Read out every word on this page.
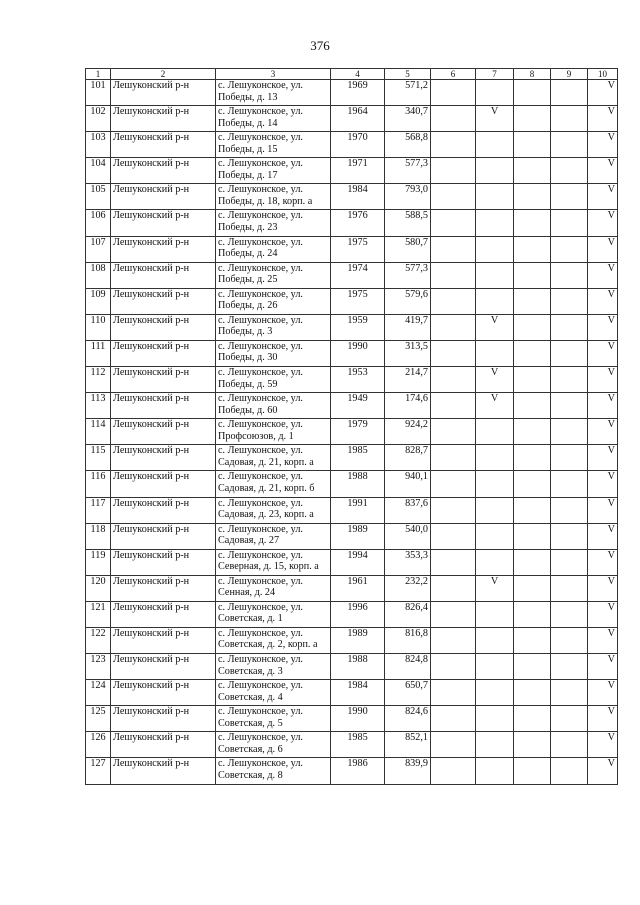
376
1	2	3	4	5	6	7	8	9	10
101	Лешуконский р-н	с. Лешуконское, ул.
Победы, д. 13	1969	571,2					V
102	Лешуконский р-н	с. Лешуконское, ул.
Победы, д. 14	1964	340,7		V			V
103	Лешуконский р-н	с. Лешуконское, ул.
Победы, д. 15	1970	568,8					V
104	Лешуконский р-н	с. Лешуконское, ул.
Победы, д. 17	1971	577,3					V
105	Лешуконский р-н	с. Лешуконское, ул.
Победы, д. 18, корп. а	1984	793,0					V
106	Лешуконский р-н	с. Лешуконское, ул.
Победы, д. 23	1976	588,5					V
107	Лешуконский р-н	с. Лешуконское, ул.
Победы, д. 24	1975	580,7					V
108	Лешуконский р-н	с. Лешуконское, ул.
Победы, д. 25	1974	577,3					V
109	Лешуконский р-н	с. Лешуконское, ул.
Победы, д. 26	1975	579,6					V
110	Лешуконский р-н	с. Лешуконское, ул.
Победы, д. 3	1959	419,7		V			V
111	Лешуконский р-н	с. Лешуконское, ул.
Победы, д. 30	1990	313,5					V
112	Лешуконский р-н	с. Лешуконское, ул.
Победы, д. 59	1953	214,7		V			V
113	Лешуконский р-н	с. Лешуконское, ул.
Победы, д. 60	1949	174,6		V			V
114	Лешуконский р-н	с. Лешуконское, ул.
Профсоюзов, д. 1	1979	924,2					V
115	Лешуконский р-н	с. Лешуконское, ул.
Садовая, д. 21, корп. а	1985	828,7					V
116	Лешуконский р-н	с. Лешуконское, ул.
Садовая, д. 21, корп. б	1988	940,1					V
117	Лешуконский р-н	с. Лешуконское, ул.
Садовая, д. 23, корп. а	1991	837,6					V
118	Лешуконский р-н	с. Лешуконское, ул.
Садовая, д. 27	1989	540,0					V
119	Лешуконский р-н	с. Лешуконское, ул.
Северная, д. 15, корп. а	1994	353,3					V
120	Лешуконский р-н	с. Лешуконское, ул.
Сенная, д. 24	1961	232,2		V			V
121	Лешуконский р-н	с. Лешуконское, ул.
Советская, д. 1	1996	826,4					V
122	Лешуконский р-н	с. Лешуконское, ул.
Советская, д. 2, корп. а	1989	816,8					V
123	Лешуконский р-н	с. Лешуконское, ул.
Советская, д. 3	1988	824,8					V
124	Лешуконский р-н	с. Лешуконское, ул.
Советская, д. 4	1984	650,7					V
125	Лешуконский р-н	с. Лешуконское, ул.
Советская, д. 5	1990	824,6					V
126	Лешуконский р-н	с. Лешуконское, ул.
Советская, д. 6	1985	852,1					V
127	Лешуконский р-н	с. Лешуконское, ул.
Советская, д. 8	1986	839,9					V
